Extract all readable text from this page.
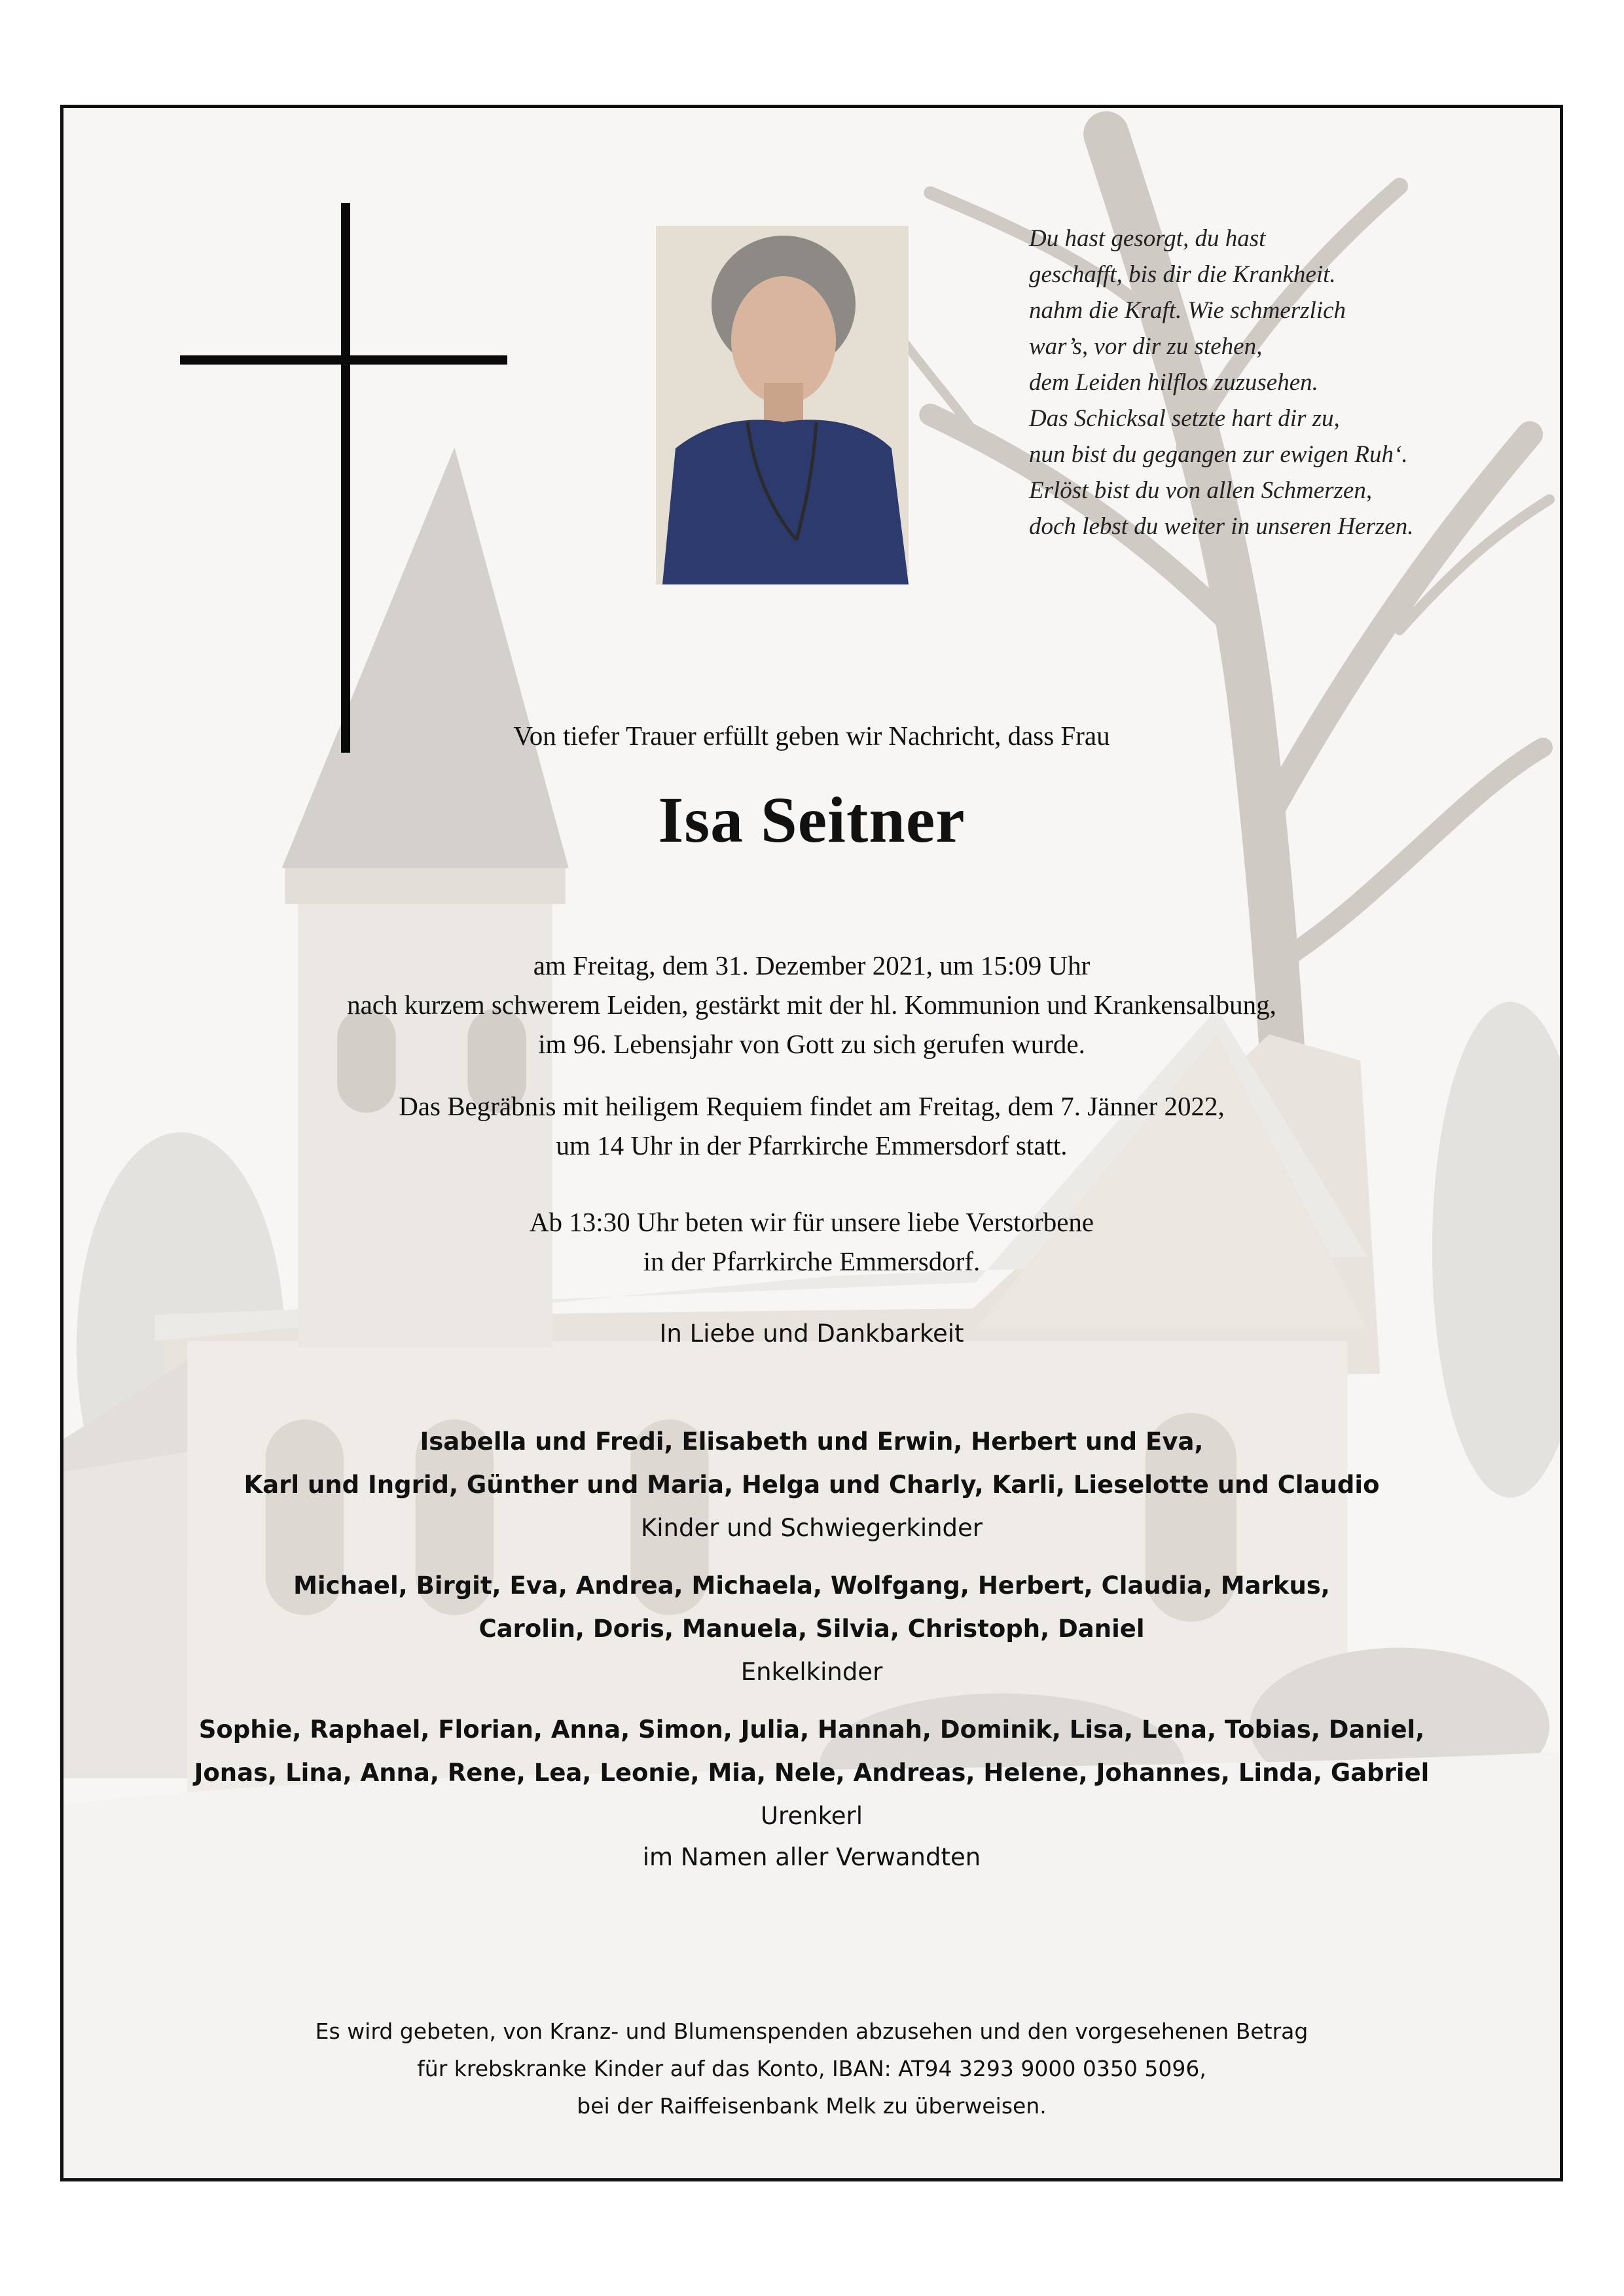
Du hast gesorgt, du hast
geschafft, bis dir die Krankheit.
nahm die Kraft. Wie schmerzlich
war’s, vor dir zu stehen,
dem Leiden hilflos zuzusehen.
Das Schicksal setzte hart dir zu,
nun bist du gegangen zur ewigen Ruh‘.
Erlöst bist du von allen Schmerzen,
doch lebst du weiter in unseren Herzen.
Von tiefer Trauer erfüllt geben wir Nachricht, dass Frau
Isa Seitner
am Freitag, dem 31. Dezember 2021, um 15:09 Uhr
nach kurzem schwerem Leiden, gestärkt mit der hl. Kommunion und Krankensalbung,
im 96. Lebensjahr von Gott zu sich gerufen wurde.
Das Begräbnis mit heiligem Requiem findet am Freitag, dem 7. Jänner 2022,
um 14 Uhr in der Pfarrkirche Emmersdorf statt.
Ab 13:30 Uhr beten wir für unsere liebe Verstorbene
in der Pfarrkirche Emmersdorf.
In Liebe und Dankbarkeit
Isabella und Fredi, Elisabeth und Erwin, Herbert und Eva,
Karl und Ingrid, Günther und Maria, Helga und Charly, Karli, Lieselotte und Claudio
Kinder und Schwiegerkinder
Michael, Birgit, Eva, Andrea, Michaela, Wolfgang, Herbert, Claudia, Markus,
Carolin, Doris, Manuela, Silvia, Christoph, Daniel
Enkelkinder
Sophie, Raphael, Florian, Anna, Simon, Julia, Hannah, Dominik, Lisa, Lena, Tobias, Daniel,
Jonas, Lina, Anna, Rene, Lea, Leonie, Mia, Nele, Andreas, Helene, Johannes, Linda, Gabriel
Urenkerl
im Namen aller Verwandten
Es wird gebeten, von Kranz- und Blumenspenden abzusehen und den vorgesehenen Betrag
für krebskranke Kinder auf das Konto, IBAN: AT94 3293 9000 0350 5096,
bei der Raiffeisenbank Melk zu überweisen.
